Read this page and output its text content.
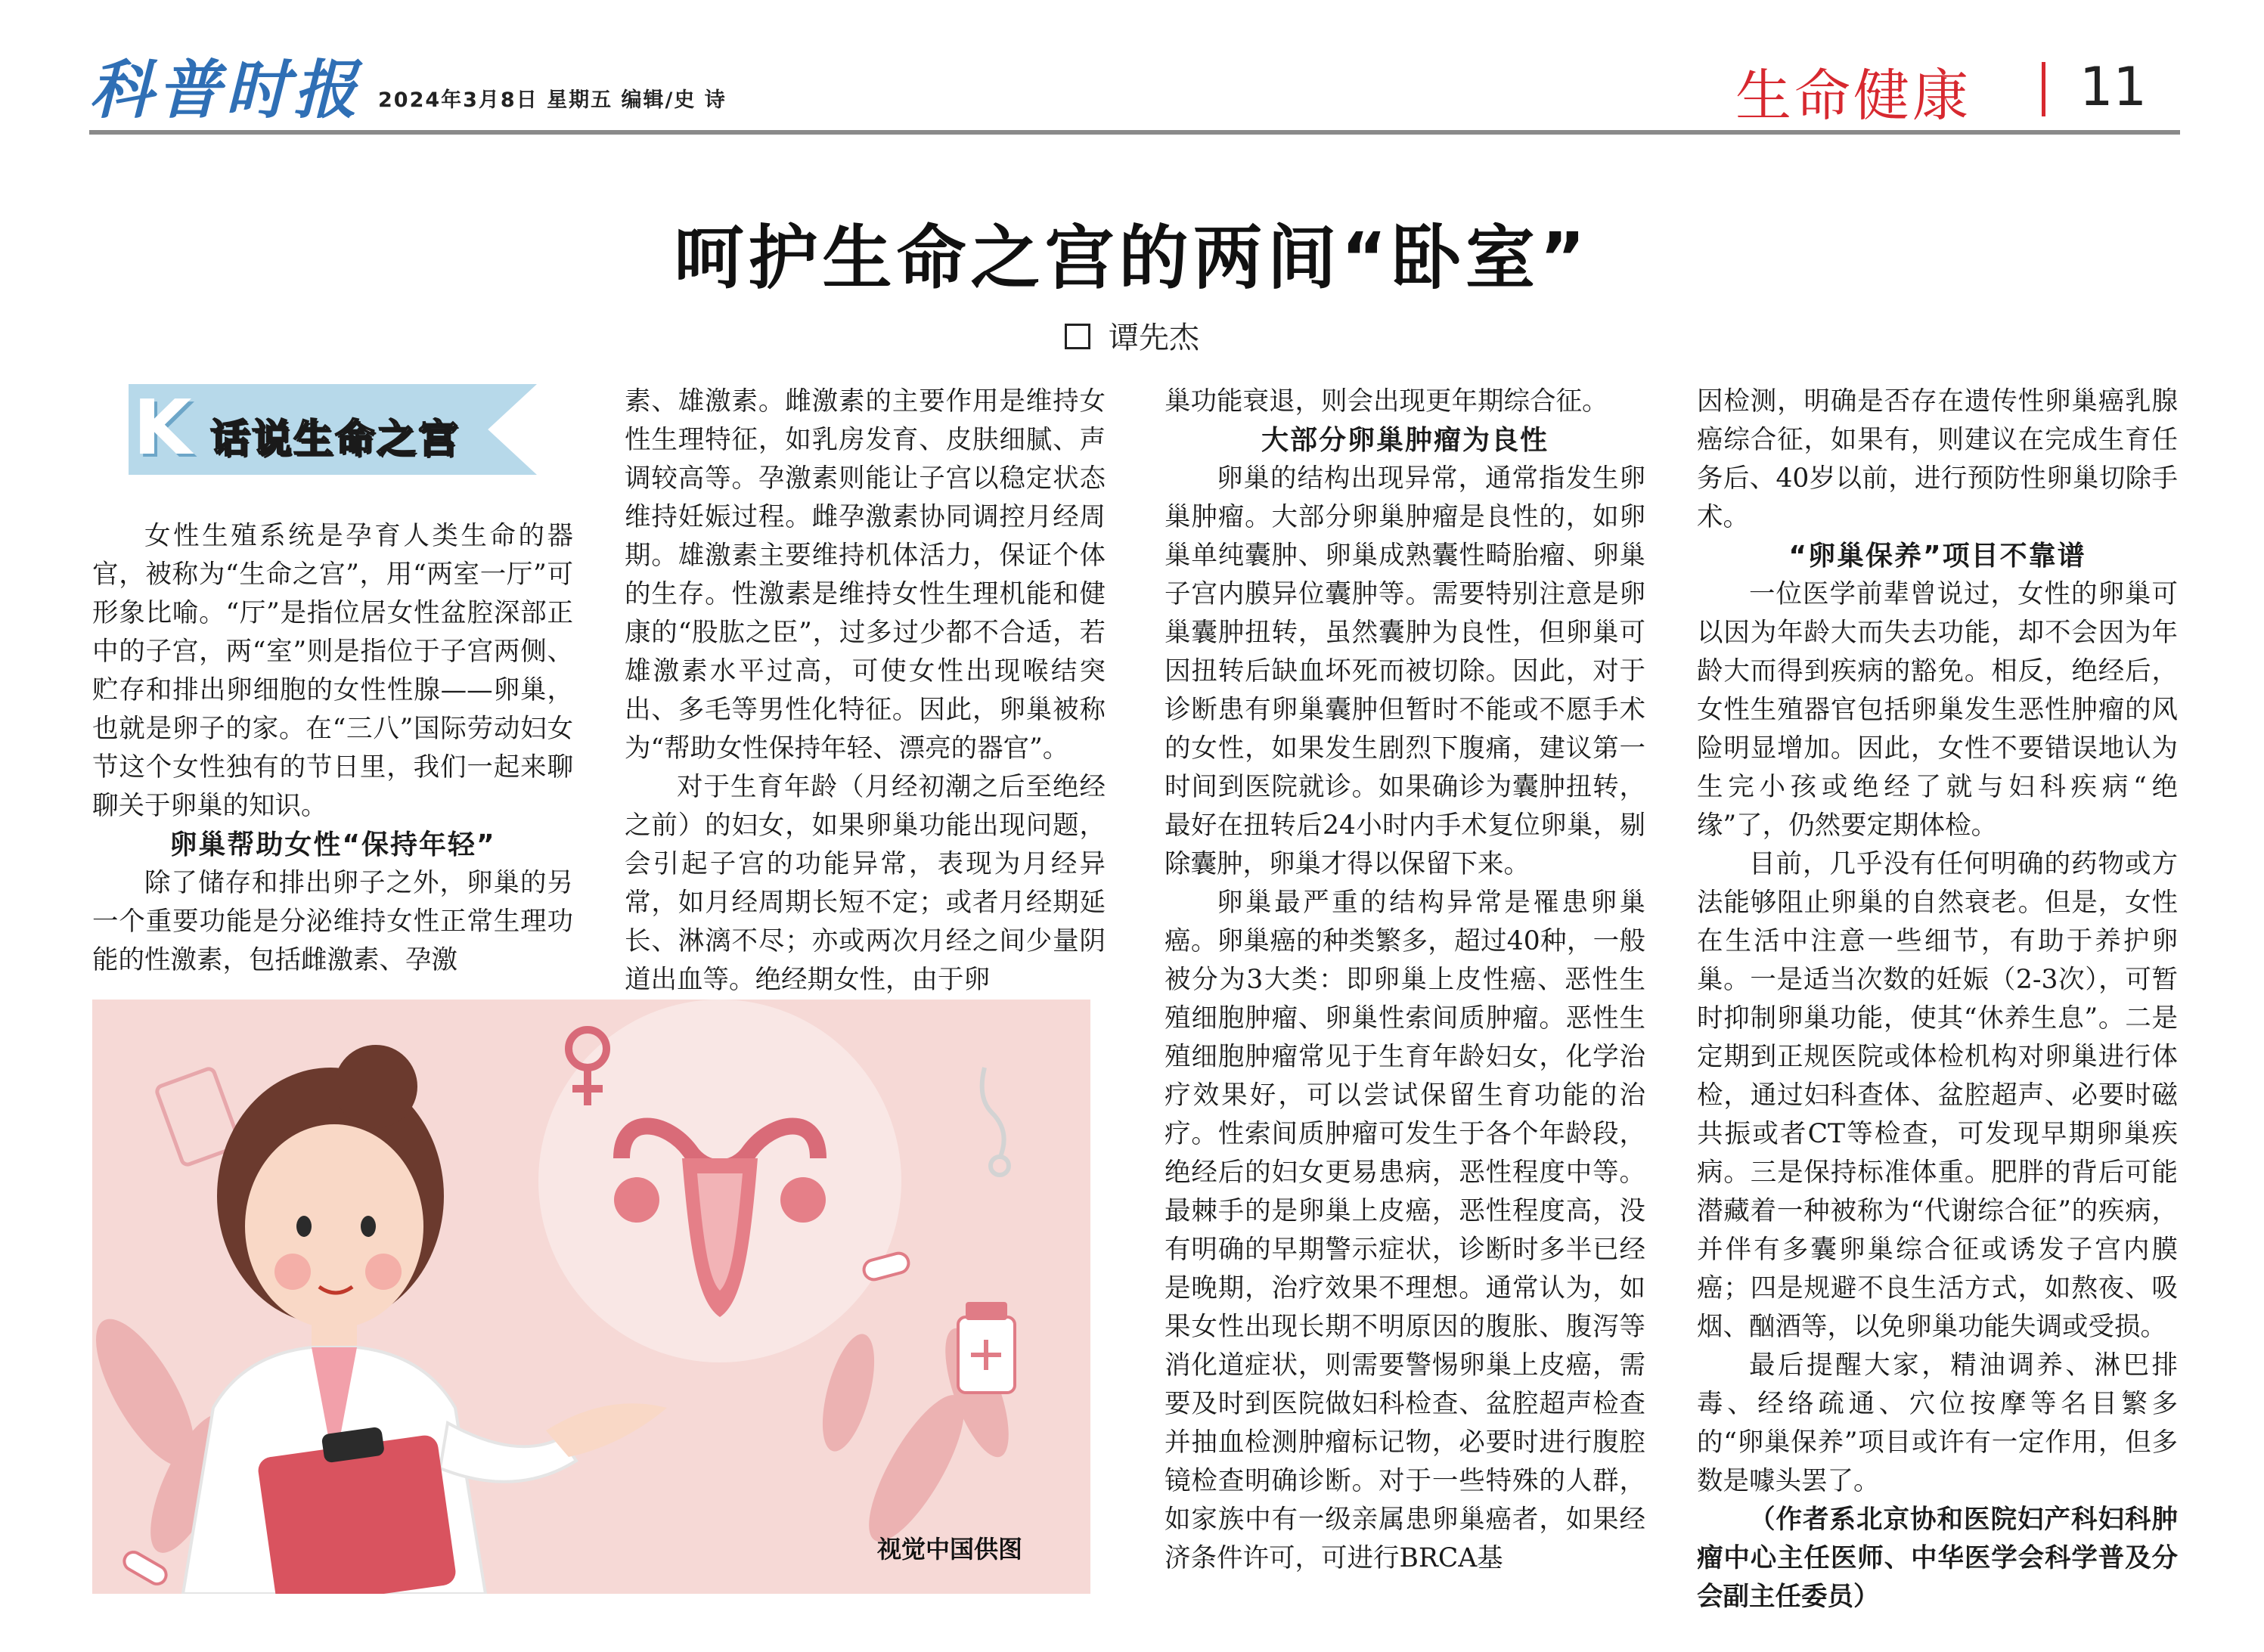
科普时报 2024年3月8日 星期五 编辑/史 诗	生命健康 11
呵护生命之宫的两间“卧室”
谭先杰
K 话说生命之宫

女性生殖系统是孕育人类生命的器官，被称为“生命之宫”，用“两室一厅”可形象比喻。“厅”是指位居女性盆腔深部正中的子宫，两“室”则是指位于子宫两侧、贮存和排出卵细胞的女性性腺——卵巢，也就是卵子的家。在“三八”国际劳动妇女节这个女性独有的节日里，我们一起来聊聊关于卵巢的知识。

卵巢帮助女性“保持年轻”

除了储存和排出卵子之外，卵巢的另一个重要功能是分泌维持女性正常生理功能的性激素，包括雌激素、孕激

素、雄激素。雌激素的主要作用是维持女性生理特征，如乳房发育、皮肤细腻、声调较高等。孕激素则能让子宫以稳定状态维持妊娠过程。雌孕激素协同调控月经周期。雄激素主要维持机体活力，保证个体的生存。性激素是维持女性生理机能和健康的“股肱之臣”，过多过少都不合适，若雄激素水平过高，可使女性出现喉结突出、多毛等男性化特征。因此，卵巢被称为“帮助女性保持年轻、漂亮的器官”。

对于生育年龄（月经初潮之后至绝经之前）的妇女，如果卵巢功能出现问题，会引起子宫的功能异常，表现为月经异常，如月经周期长短不定；或者月经期延长、淋漓不尽；亦或两次月经之间少量阴道出血等。绝经期女性，由于卵

巢功能衰退，则会出现更年期综合征。

大部分卵巢肿瘤为良性

卵巢的结构出现异常，通常指发生卵巢肿瘤。大部分卵巢肿瘤是良性的，如卵巢单纯囊肿、卵巢成熟囊性畸胎瘤、卵巢子宫内膜异位囊肿等。需要特别注意是卵巢囊肿扭转，虽然囊肿为良性，但卵巢可因扭转后缺血坏死而被切除。因此，对于诊断患有卵巢囊肿但暂时不能或不愿手术的女性，如果发生剧烈下腹痛，建议第一时间到医院就诊。如果确诊为囊肿扭转，最好在扭转后24小时内手术复位卵巢，剔除囊肿，卵巢才得以保留下来。

卵巢最严重的结构异常是罹患卵巢癌。卵巢癌的种类繁多，超过40种，一般被分为3大类：即卵巢上皮性癌、恶性生殖细胞肿瘤、卵巢性索间质肿瘤。恶性生殖细胞肿瘤常见于生育年龄妇女，化学治疗效果好，可以尝试保留生育功能的治疗。性索间质肿瘤可发生于各个年龄段，绝经后的妇女更易患病，恶性程度中等。最棘手的是卵巢上皮癌，恶性程度高，没有明确的早期警示症状，诊断时多半已经是晚期，治疗效果不理想。通常认为，如果女性出现长期不明原因的腹胀、腹泻等消化道症状，则需要警惕卵巢上皮癌，需要及时到医院做妇科检查、盆腔超声检查并抽血检测肿瘤标记物，必要时进行腹腔镜检查明确诊断。对于一些特殊的人群，如家族中有一级亲属患卵巢癌者，如果经济条件许可，可进行BRCA基

因检测，明确是否存在遗传性卵巢癌乳腺癌综合征，如果有，则建议在完成生育任务后、40岁以前，进行预防性卵巢切除手术。

“卵巢保养”项目不靠谱

一位医学前辈曾说过，女性的卵巢可以因为年龄大而失去功能，却不会因为年龄大而得到疾病的豁免。相反，绝经后，女性生殖器官包括卵巢发生恶性肿瘤的风险明显增加。因此，女性不要错误地认为生完小孩或绝经了就与妇科疾病“绝缘”了，仍然要定期体检。

目前，几乎没有任何明确的药物或方法能够阻止卵巢的自然衰老。但是，女性在生活中注意一些细节，有助于养护卵巢。一是适当次数的妊娠（2-3次），可暂时抑制卵巢功能，使其“休养生息”。二是定期到正规医院或体检机构对卵巢进行体检，通过妇科查体、盆腔超声、必要时磁共振或者CT等检查，可发现早期卵巢疾病。三是保持标准体重。肥胖的背后可能潜藏着一种被称为“代谢综合征”的疾病，并伴有多囊卵巢综合征或诱发子宫内膜癌；四是规避不良生活方式，如熬夜、吸烟、酗酒等，以免卵巢功能失调或受损。

最后提醒大家，精油调养、淋巴排毒、经络疏通、穴位按摩等名目繁多的“卵巢保养”项目或许有一定作用，但多数是噱头罢了。

（作者系北京协和医院妇产科妇科肿瘤中心主任医师、中华医学会科学普及分会副主任委员）

视觉中国供图
